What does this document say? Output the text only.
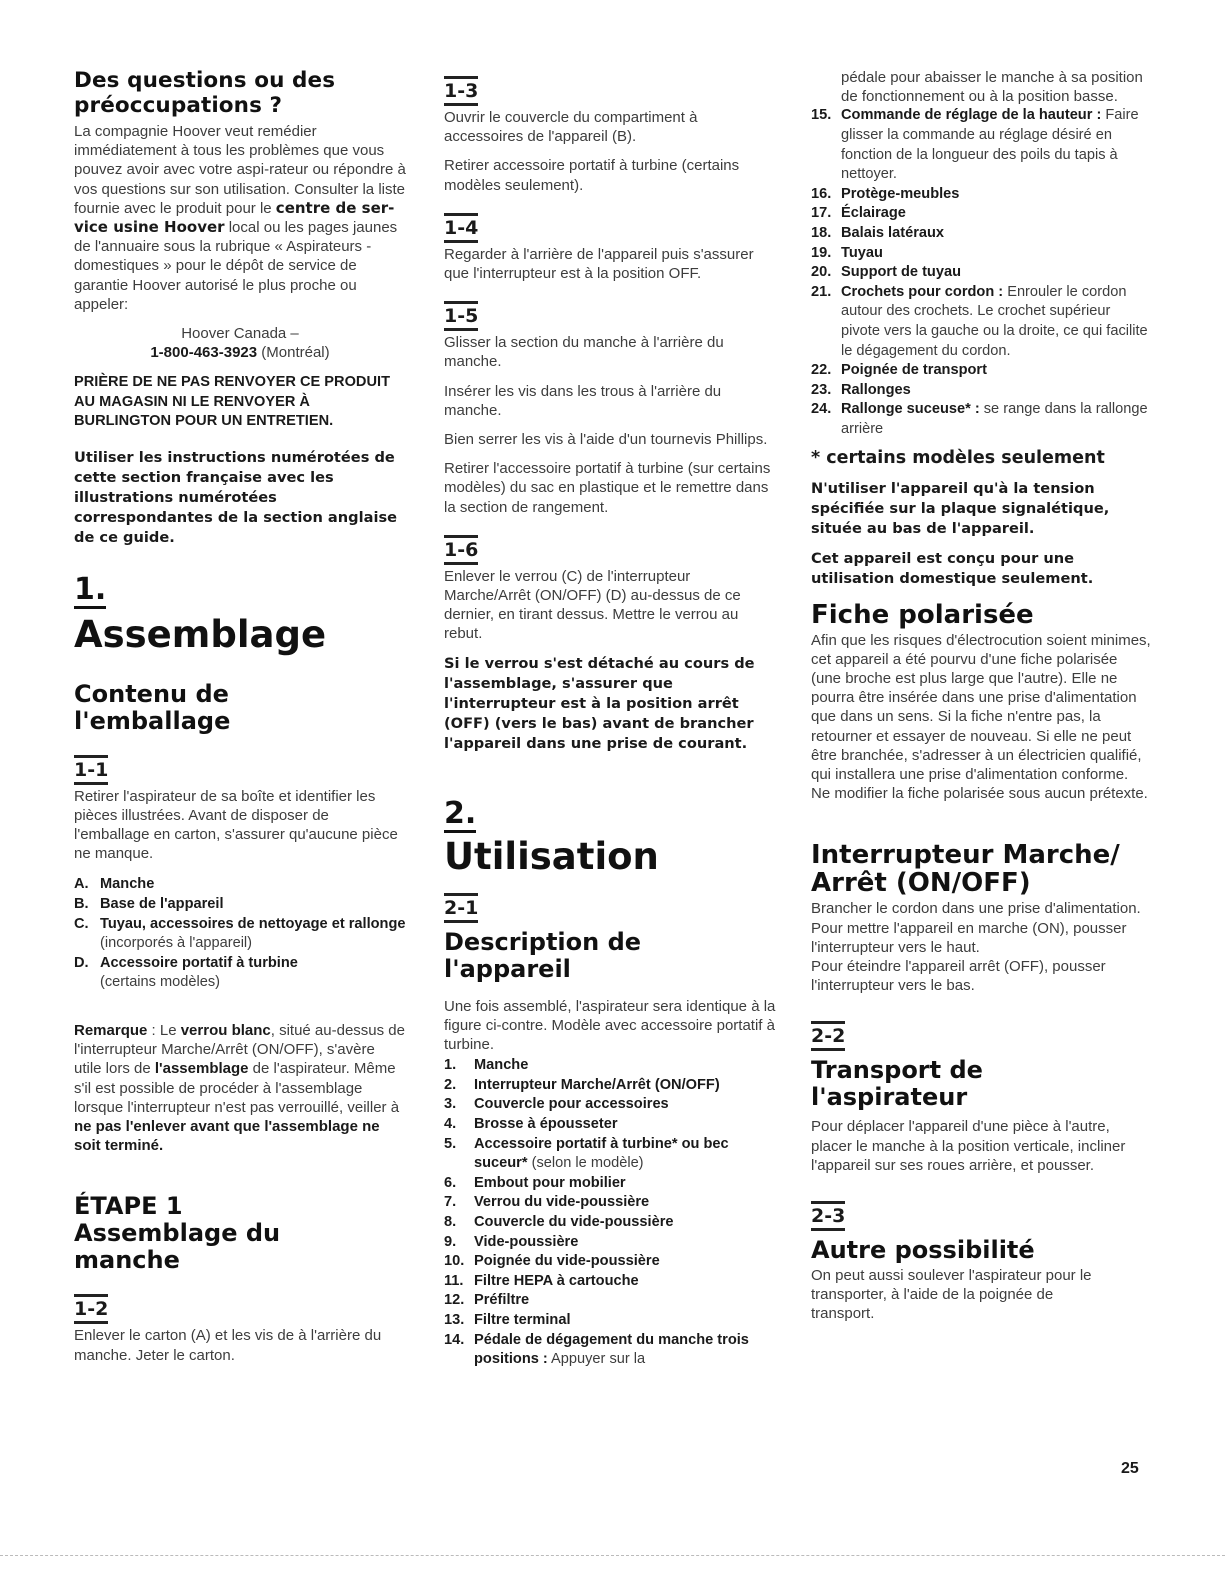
Des questions ou des préoccupations ?

La compagnie Hoover veut remédier immédiatement à tous les problèmes que vous pouvez avoir avec votre aspi-rateur ou répondre à vos questions sur son utilisation. Consulter la liste fournie avec le produit pour le centre de ser-vice usine Hoover local ou les pages jaunes de l'annuaire sous la rubrique « Aspirateurs - domestiques » pour le dépôt de service de garantie Hoover autorisé le plus proche ou appeler:

Hoover Canada –

1-800-463-3923 (Montréal)

PRIÈRE DE NE PAS RENVOYER CE PRODUIT AU MAGASIN NI LE RENVOYER À BURLINGTON POUR UN ENTRETIEN.

Utiliser les instructions numérotées de cette section française avec les illustrations numérotées correspondantes de la section anglaise de ce guide.

1.
Assemblage
Contenu de l'emballage
1-1

Retirer l'aspirateur de sa boîte et identifier les pièces illustrées. Avant de disposer de l'emballage en carton, s'assurer qu'aucune pièce ne manque.

A. Manche
B. Base de l'appareil
C. Tuyau, accessoires de nettoyage et rallonge (incorporés à l'appareil)
D. Accessoire portatif à turbine
(certains modèles)

Remarque : Le verrou blanc, situé au-dessus de l'interrupteur Marche/Arrêt (ON/OFF), s'avère utile lors de l'assemblage de l'aspirateur. Même s'il est possible de procéder à l'assemblage lorsque l'interrupteur n'est pas verrouillé, veiller à ne pas l'enlever avant que l'assemblage ne soit terminé.

ÉTAPE 1
Assemblage du manche
1-2

Enlever le carton (A) et les vis de à l'arrière du manche. Jeter le carton.

1-3

Ouvrir le couvercle du compartiment à accessoires de l'appareil (B).

Retirer accessoire portatif à turbine (certains modèles seulement).

1-4

Regarder à l'arrière de l'appareil puis s'assurer que l'interrupteur est à la position OFF.

1-5

Glisser la section du manche à l'arrière du manche.

Insérer les vis dans les trous à l'arrière du manche.

Bien serrer les vis à l'aide d'un tournevis Phillips.

Retirer l'accessoire portatif à turbine (sur certains modèles) du sac en plastique et le remettre dans la section de rangement.

1-6

Enlever le verrou (C) de l'interrupteur Marche/Arrêt (ON/OFF) (D) au-dessus de ce dernier, en tirant dessus. Mettre le verrou au rebut.

Si le verrou s'est détaché au cours de l'assemblage, s'assurer que l'interrupteur est à la position arrêt (OFF) (vers le bas) avant de brancher l'appareil dans une prise de courant.

2.
Utilisation
2-1
Description de l'appareil

Une fois assemblé, l'aspirateur sera identique à la figure ci-contre. Modèle avec accessoire portatif à turbine.

1. Manche
2. Interrupteur Marche/Arrêt (ON/OFF)
3. Couvercle pour accessoires
4. Brosse à épousseter
5. Accessoire portatif à turbine* ou bec suceur* (selon le modèle)
6. Embout pour mobilier
7. Verrou du vide-poussière
8. Couvercle du vide-poussière
9. Vide-poussière
10. Poignée du vide-poussière
11. Filtre HEPA à cartouche
12. Préfiltre
13. Filtre terminal
14. Pédale de dégagement du manche trois positions : Appuyer sur la

pédale pour abaisser le manche à sa position de fonctionnement ou à la position basse.

15. Commande de réglage de la hauteur : Faire glisser la commande au réglage désiré en fonction de la longueur des poils du tapis à nettoyer.
16. Protège-meubles
17. Éclairage
18. Balais latéraux
19. Tuyau
20. Support de tuyau
21. Crochets pour cordon : Enrouler le cordon autour des crochets. Le crochet supérieur pivote vers la gauche ou la droite, ce qui facilite le dégagement du cordon.
22. Poignée de transport
23. Rallonges
24. Rallonge suceuse* : se range dans la rallonge arrière

* certains modèles seulement

N'utiliser l'appareil qu'à la tension spécifiée sur la plaque signalétique, située au bas de l'appareil.

Cet appareil est conçu pour une utilisation domestique seulement.

Fiche polarisée

Afin que les risques d'électrocution soient minimes, cet appareil a été pourvu d'une fiche polarisée (une broche est plus large que l'autre). Elle ne pourra être insérée dans une prise d'alimentation que dans un sens. Si la fiche n'entre pas, la retourner et essayer de nouveau. Si elle ne peut être branchée, s'adresser à un électricien qualifié, qui installera une prise d'alimentation conforme. Ne modifier la fiche polarisée sous aucun prétexte.

Interrupteur Marche/ Arrêt (ON/OFF)

Brancher le cordon dans une prise d'alimentation.

Pour mettre l'appareil en marche (ON), pousser l'interrupteur vers le haut.

Pour éteindre l'appareil arrêt (OFF), pousser l'interrupteur vers le bas.

2-2
Transport de l'aspirateur

Pour déplacer l'appareil d'une pièce à l'autre, placer le manche à la position verticale, incliner l'appareil sur ses roues arrière, et pousser.

2-3
Autre possibilité

On peut aussi soulever l'aspirateur pour le transporter, à l'aide de la poignée de transport.

25
